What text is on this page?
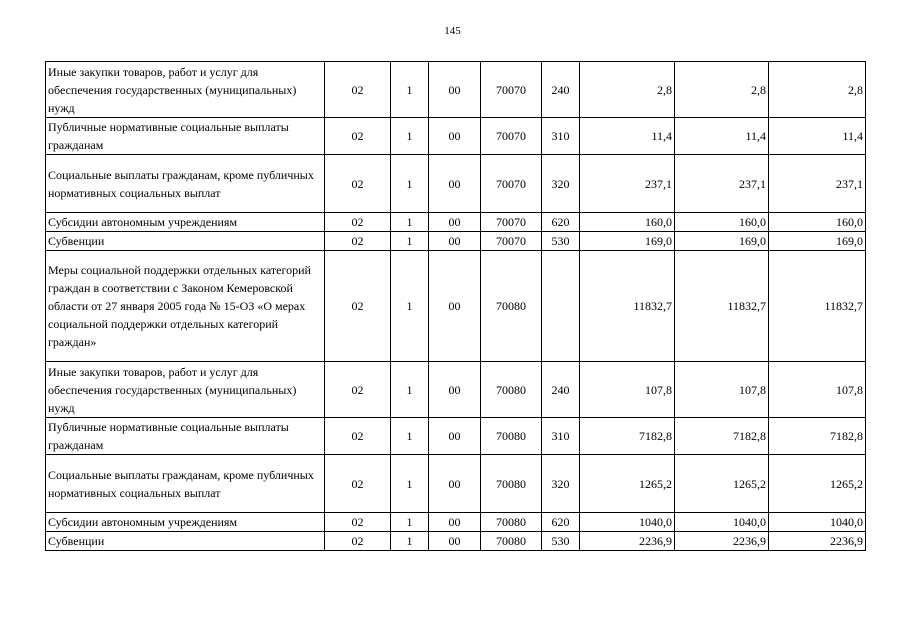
145
Иные закупки товаров, работ и услуг для обеспечения государственных (муниципальных) нужд	02	1	00	70070	240	2,8	2,8	2,8
Публичные нормативные социальные выплаты гражданам	02	1	00	70070	310	11,4	11,4	11,4
Социальные выплаты гражданам, кроме публичных нормативных социальных выплат	02	1	00	70070	320	237,1	237,1	237,1
Субсидии автономным учреждениям	02	1	00	70070	620	160,0	160,0	160,0
Субвенции	02	1	00	70070	530	169,0	169,0	169,0
Меры социальной поддержки отдельных категорий граждан в соответствии с Законом Кемеровской области от 27 января 2005 года № 15-ОЗ «О мерах социальной поддержки отдельных категорий граждан»	02	1	00	70080		11832,7	11832,7	11832,7
Иные закупки товаров, работ и услуг для обеспечения государственных (муниципальных) нужд	02	1	00	70080	240	107,8	107,8	107,8
Публичные нормативные социальные выплаты гражданам	02	1	00	70080	310	7182,8	7182,8	7182,8
Социальные выплаты гражданам, кроме публичных нормативных социальных выплат	02	1	00	70080	320	1265,2	1265,2	1265,2
Субсидии автономным учреждениям	02	1	00	70080	620	1040,0	1040,0	1040,0
Субвенции	02	1	00	70080	530	2236,9	2236,9	2236,9
